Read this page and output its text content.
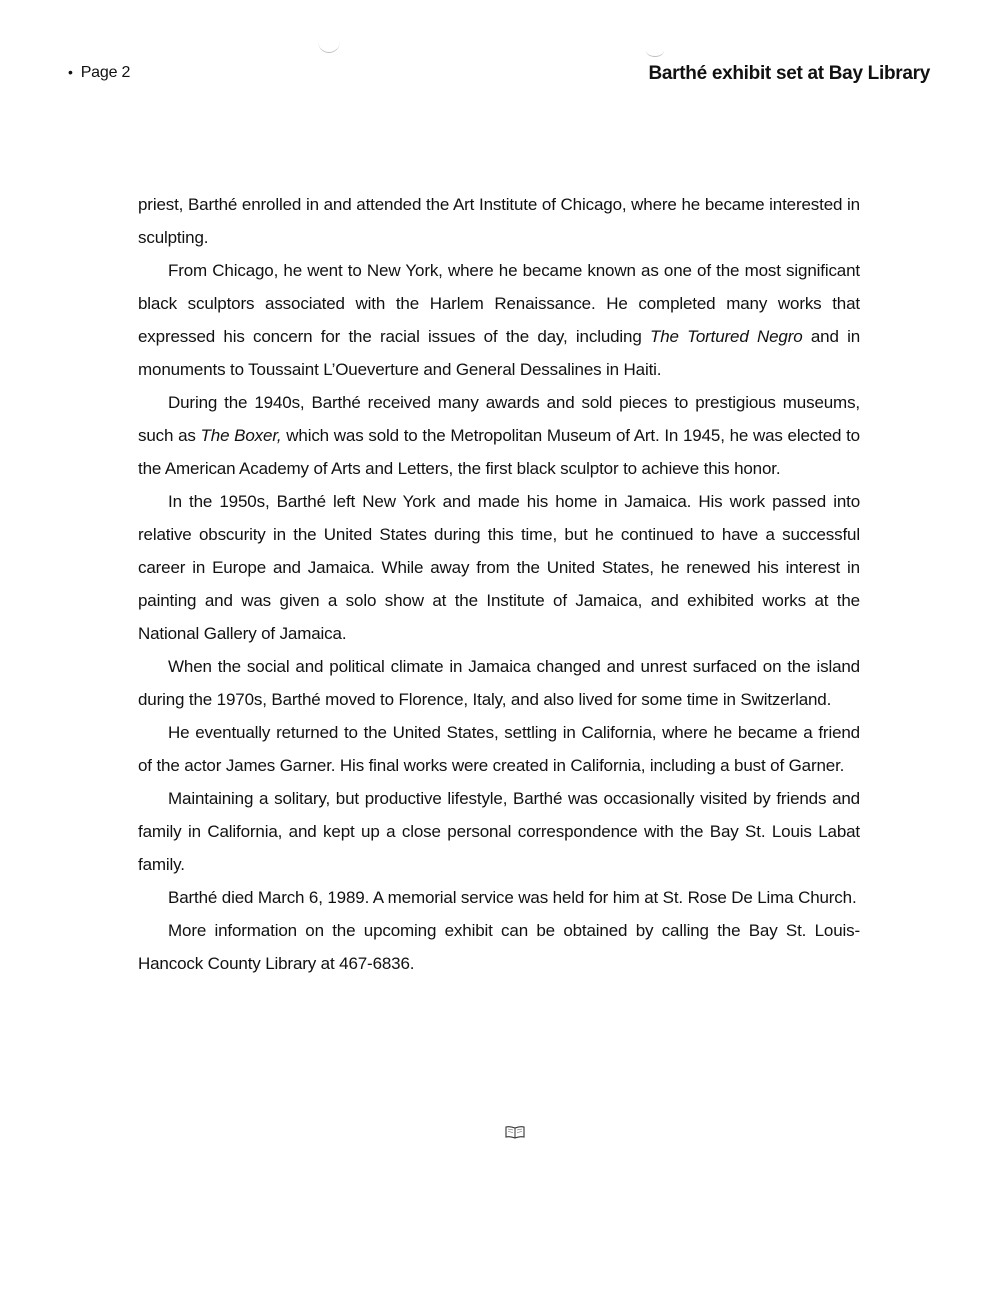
• Page 2	Barthé exhibit set at Bay Library

priest, Barthé enrolled in and attended the Art Institute of Chicago, where he became interested in sculpting.

From Chicago, he went to New York, where he became known as one of the most significant black sculptors associated with the Harlem Renaissance. He completed many works that expressed his concern for the racial issues of the day, including The Tortured Negro and in monuments to Toussaint L’Oueverture and General Dessalines in Haiti.

During the 1940s, Barthé received many awards and sold pieces to prestigious museums, such as The Boxer, which was sold to the Metropolitan Museum of Art. In 1945, he was elected to the American Academy of Arts and Letters, the first black sculptor to achieve this honor.

In the 1950s, Barthé left New York and made his home in Jamaica. His work passed into relative obscurity in the United States during this time, but he continued to have a successful career in Europe and Jamaica. While away from the United States, he renewed his interest in painting and was given a solo show at the Institute of Jamaica, and exhibited works at the National Gallery of Jamaica.

When the social and political climate in Jamaica changed and unrest surfaced on the island during the 1970s, Barthé moved to Florence, Italy, and also lived for some time in Switzerland.

He eventually returned to the United States, settling in California, where he became a friend of the actor James Garner. His final works were created in California, including a bust of Garner.

Maintaining a solitary, but productive lifestyle, Barthé was occasionally visited by friends and family in California, and kept up a close personal correspondence with the Bay St. Louis Labat family.

Barthé died March 6, 1989. A memorial service was held for him at St. Rose De Lima Church.

More information on the upcoming exhibit can be obtained by calling the Bay St. Louis-Hancock County Library at 467-6836.
